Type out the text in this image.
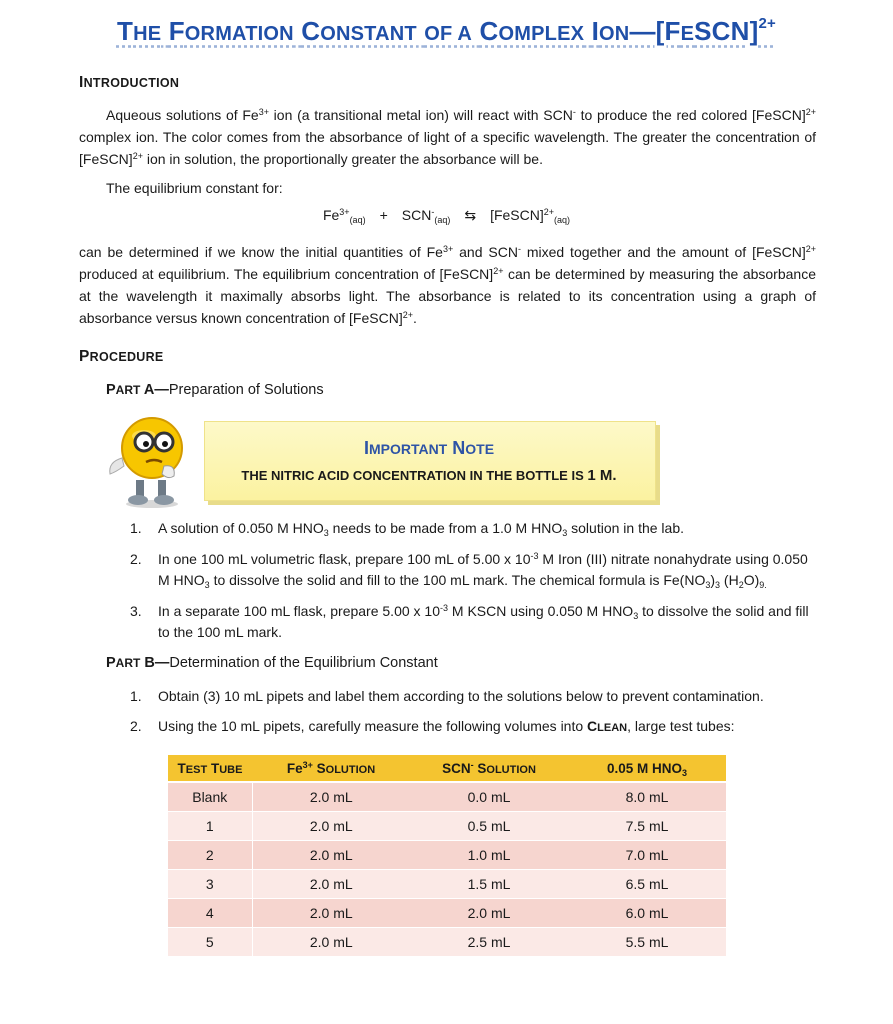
THE FORMATION CONSTANT OF A COMPLEX ION—[FESCN]$^{2+}$
INTRODUCTION
Aqueous solutions of $Fe^{3+}$ ion (a transitional metal ion) will react with SCN- to produce the red colored [FeSCN]$^{2+}$ complex ion. The color comes from the absorbance of light of a specific wavelength. The greater the concentration of [FeSCN]$^{2+}$ ion in solution, the proportionally greater the absorbance will be.
The equilibrium constant for:
$Fe^{3+}_{(aq)} + SCN^-_{(aq)}$ ⇆ [FeSCN]$^{2+}_{(aq)}$
can be determined if we know the initial quantities of $Fe^{3+}$ and SCN- mixed together and the amount of [FeSCN]$^{2+}$ produced at equilibrium. The equilibrium concentration of [FeSCN]$^{2+}$ can be determined by measuring the absorbance at the wavelength it maximally absorbs light. The absorbance is related to its concentration using a graph of absorbance versus known concentration of [FeSCN]$^{2+}$.
PROCEDURE
PART A—Preparation of Solutions
IMPORTANT NOTE
THE NITRIC ACID CONCENTRATION IN THE BOTTLE IS 1 M.
1.	A solution of 0.050 M $HNO_3$ needs to be made from a 1.0 M $HNO_3$ solution in the lab.
2.	In one 100 mL volumetric flask, prepare 100 mL of 5.00 x $10^{-3}$ M Iron (III) nitrate nonahydrate using 0.050
M $HNO_3$ to dissolve the solid and fill to the 100 mL mark. The chemical formula is $Fe(NO_3)_3$ $(H_2O)_{9.}$
3.	In a separate 100 mL flask, prepare 5.00 x $10^{-3}$ M KSCN using 0.050 M $HNO_3$ to dissolve the solid and fill
to the 100 mL mark.
PART B—Determination of the Equilibrium Constant
1.	Obtain (3) 10 mL pipets and label them according to the solutions below to prevent contamination.
2.	Using the 10 mL pipets, carefully measure the following volumes into CLEAN, large test tubes:
TEST TUBE	$Fe^{3+}$ SOLUTION	SCN- SOLUTION	0.05 M $HNO_3$
Blank	2.0 mL	0.0 mL	8.0 mL
1	2.0 mL	0.5 mL	7.5 mL
2	2.0 mL	1.0 mL	7.0 mL
3	2.0 mL	1.5 mL	6.5 mL
4	2.0 mL	2.0 mL	6.0 mL
5	2.0 mL	2.5 mL	5.5 mL
